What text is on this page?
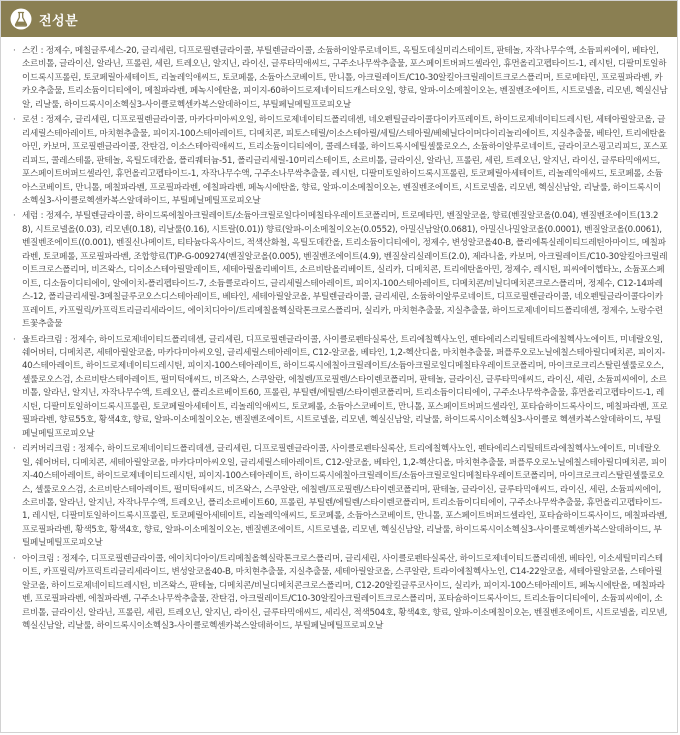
전성분
· 스킨 : 정제수, 메칠글루세스-20, 글리세린, 디프로필렌글라이콜, 부틸렌글라이콜, 소듐하이알루로네이트, 옥틸도데실미리스테이트, 판테놀, 자작나무수액, 소듐피씨에이, 베타인, 소르비톨, 글라이신, 알라닌, 프롤린, 세린, 트레오닌, 알지닌, 라이신, 글루타믹애씨드, 구주소나무싹추출물, 포스페이트버퍼드셀라인, 휴먼올리고펩타이드-1, 레시틴, 디팔미토일하이드록시프롤린, 토코페릴아세테이트, 리놀레익애씨드, 토코페롤, 소듐아스코베이트, 만니톨, 아크릴레이트/C10-30알킬아크릴레이트크로스폴리머, 트로메타민, 프로필파라벤, 카카오추출물, 트리소듐이디티에이, 메칠파라벤, 페녹시에탄올, 피이지-60하이드로제네이티드캐스터오일, 향료, 알파-이소메칠이오논, 벤질벤조에이트, 시트로넬올, 리모넨, 헥실신남알, 리날룰, 하이드록시이소헥실3-사이클로헥센카복스알데하이드, 부틸페닐메틸프로피오날
· 로션 : 정제수, 글리세린, 디프로필렌글라이콜, 마카다미아씨오일, 하이드로제네이티드폴리데센, 네오펜틸글라이콜다이카프레이트, 하이드로제네이티드레시틴, 세테아릴알코올, 글리세릴스테아레이트, 마치현추출물, 피이지-100스테아레이트, 디메치콘, 피토스테릴/이소스테아릴/세틸/스테아릴/베헤닐다이머다이리놀리에이트, 지실추출물, 베타인, 트리에탄올아민, 카보머, 프로필렌글라이콜, 잔탄검, 이소스테아릭애씨드, 트리소듐이디티에이, 콜레스테롤, 하이드록시에틸셀룰로오스, 소듐하이알루로네이트, 글라이코스핑고리피드, 포스포리피드, 콜레스테롤, 판테놀, 옥틸도데칸올, 폴리퀘터늄-51, 폴리글리세릴-10미리스테이트, 소르비톨, 글라이신, 알라닌, 프롤린, 세린, 트레오닌, 알지닌, 라이신, 글루타믹애씨드, 포스페이트버퍼드셀라인, 휴먼올리고펩타이드-1, 자작나무수액, 구주소나무싹추출물, 레시틴, 디팔미토일하이드록시프롤린, 토코페릴아세테이트, 리놀레익애씨드, 토코페롤, 소듐아스코베이트, 만니톨, 메칠파라벤, 프로필파라벤, 에칠파라벤, 페녹시에탄올, 향료, 알파-이소메칠이오논, 벤질벤조에이트, 시트로넬올, 리모넨, 헥실신남알, 리날룰, 하이드록시이소헥실3-사이클로헥센카복스알데하이드, 부틸페닐메틸프로피오날
· 세럼 : 정제수, 부틸렌글라이콜, 하이드록에칠아크릴레이트/소듐아크릴로일다이메칠타우레이트코폴리머, 트로메타민, 벤질알코올, 향료(벤질알코올(0.04), 벤질벤조에이트(13.28), 시트로넬올(0.03), 리모넨(0.18), 리날룰(0.16), 시트랄(0.01)) 향료(알파-이소메칠이오논(0.0552), 아밀신남알(0.0681), 아밀신나밀알코올(0.0001), 벤질알코올(0.0061), 벤질벤조에이트((0.001), 벤질신나메이트, 티타늄다옥사이드, 적색산화철, 옥틸도데칸올, 트리소듐이디티에이, 정제수, 변성알코올40-B, 폴리에톡실레이티드레틴아마이드, 메칠파라벤, 토코페롤, 프로필파라벤, 조합향료(T)P-G-009274(벤질알코올(0.005), 벤질벤조에이트(4.9), 벤질살리실레이트(2.0), 제라니올, 카보머, 아크릴레이트/C10-30알킬아크릴레이트크로스폴리머, 비즈왁스, 디이소스테아릴말레이트, 세테아릴올리베이트, 소르비탄올리베이트, 실리카, 디메치콘, 트리에탄올아민, 정제수, 레시틴, 피씨에이헵타노, 소듐포스페이트, 디소듐이디티에이, 알에이치-폴리펩타이드-7, 소듐클로라이드, 글리세릴스테아레이트, 피이지-100스테아레이트, 디메치콘/비닐디메치콘크로스폴리머, 정제수, C12-14파레스-12, 폴리글리세릴-3메칠글루코오스디스테아레이트, 베타인, 세테아릴알코올, 부틸렌글라이콜, 글리세린, 소듐하이알루로네이트, 디프로필렌글라이콜, 네오펜틸글라이콜다이카프레이트, 카프릴릭/카프릭트리글리세라이드, 에이치디아이/트리메칠올헥실락톤크로스폴리머, 실리카, 마치현추출물, 지실추출물, 하이드로제네이티드폴리데센, 정제수, 노랑수련트꽃추출물
· 울트라크림 : 정제수, 하이드로제네이티드폴리데센, 글리세린, 디프로필렌글라이콜, 사이클로펜타실록산, 트리에칠헥사노인, 펜타에리스리틸테트라에칠헥사노에이트, 미네랄오일, 쉐어버터, 디메치콘, 세테아릴알코올, 마카다미아씨오일, 글리세릴스테아레이트, C12-알코올, 베타인, 1,2-헥산디올, 마치현추출물, 퍼플루오로노닐에칠스테아릴디메치콘, 피이지-40스테아레이트, 하이드로제네이티드레시틴, 피이지-100스테아레이트, 하이드록시에칠아크릴레이트/소듐아크릴로일디메칠타우레이트코폴리머, 마이크로크리스탈린셀룰로오스, 셀룰로오스검, 소르비탄스테아레이트, 펄미틱애씨드, 비즈왁스, 스쿠알란, 에칠렌/프로필렌/스타이렌코폴리머, 판테놀, 글라이신, 글루타믹애씨드, 라이신, 세린, 소듐피씨에이, 소르비톨, 알라닌, 알지닌, 자작나무수액, 트레오닌, 폴리소르베이트60, 프롤린, 부틸렌/에틸렌/스타이렌코폴리머, 트리소듐이디티에이, 구주소나무싹추출물, 휴먼올리고펩타이드-1, 레시틴, 디팔미토일하이드록시프롤린, 토코페릴아세테이트, 리놀레익애씨드, 토코페롤, 소듐아스코베이트, 만니톨, 포스페이트버퍼드셀라인, 포타슘하이드록사이드, 메칠파라벤, 프로필파라벤, 향료55호, 황색4호, 향료, 알파-이소메칠이오논, 벤질벤조에이트, 시트로넬올, 리모넨, 헥실신남알, 리날룰, 하이드록시이소헥실3-사이클로 헥센카복스알데하이드, 부틸페닐메틸프로피오날
· 리커버리크림 : 정제수, 하이드로제네이티드폴리데센, 글리세린, 디프로필렌글라이콜, 사이클로펜타실록산, 트리에칠헥사노인, 펜타에리스리틸테트라에칠헥사노에이트, 미네랄오일, 쉐어버터, 디메치콘, 세테아릴알코올, 마카다미아씨오일, 글리세릴스테아레이트, C12-알코올, 베타인, 1,2-헥산디올, 마치현추출물, 퍼플루오로노닐에칠스테아릴디메치콘, 피이지-40스테아레이트, 하이드로제네이티드레시틴, 피이지-100스테아레이트, 하이드록시에칠아크릴레이트/소듐아크릴로일디메칠타우레이트코폴리머, 마이크로크리스탈린셀룰로오스, 셀룰로오스검, 소르비탄스테아레이트, 펄미틱애씨드, 비즈왁스, 스쿠알란, 에칠렌/프로필렌/스타이렌코폴리머, 판테놀, 글라이신, 글루타믹애씨드, 라이신, 세린, 소듐피씨에이, 소르비톨, 알라닌, 알지닌, 자작나무수액, 트레오닌, 폴리소르베이트60, 프롤린, 부틸렌/에틸렌/스타이렌코폴리머, 트리소듐이디티에이, 구주소나무싹추출물, 휴먼올리고펩타이드-1, 레시틴, 디팔미토일하이드록시프롤린, 토코페릴아세테이트, 리놀레익애씨드, 토코페롤, 소듐아스코베이트, 만니톨, 포스페이트버퍼드셀라인, 포타슘하이드록사이드, 메칠파라벤, 프로필파라벤, 황색5호, 황색4호, 향료, 알파-이소메칠이오논, 벤질벤조에이트, 시트로넬올, 리모넨, 헥실신남알, 리날룰, 하이드록시이소헥실3-사이클로헥센카복스알데하이드, 부틸페닐메틸프로피오날
· 아이크림 : 정제수, 디프로필렌글라이콜, 에이치디아이/트리메칠올헥실락톤크로스폴리머, 글리세린, 사이클로펜타실록산, 하이드로제네이티드폴리데센, 베타인, 이소세틸미리스테이트, 카프릴릭/카프릭트리글리세라이드, 변성알코올40-B, 마치현추출물, 지실추출물, 세테아릴알코올, 스쿠알란, 트라이에칠헥사노인, C14-22알코올, 세테아릴알코올, 스테아릴알코올, 하이드로제네이티드레시틴, 비즈왁스, 판테놀, 디메치콘/비닐디메치콘크로스폴리머, C12-20알킬글루코사이드, 실리카, 피이지-100스테아레이트, 페녹시에탄올, 메칠파라벤, 프로필파라벤, 에칠파라벤, 구주소나무싹추출물, 잔탄검, 아크릴레이트/C10-30알킬아크릴레이트크로스폴리머, 포타슘하이드록사이드, 트리소듐이디티에이, 소듐피씨에이, 소르비톨, 글라이신, 알라닌, 프롤린, 세린, 트레오닌, 알지닌, 라이신, 글루타믹애씨드, 세리신, 적색504호, 황색4호, 향료, 알파-이소메칠이오논, 벤질벤조에이트, 시트로넬올, 리모넨, 헥실신남알, 리날룰, 하이드록시이소헥실3-사이클로헥센카복스알데하이드, 부틸페닐메틸프로피오날
